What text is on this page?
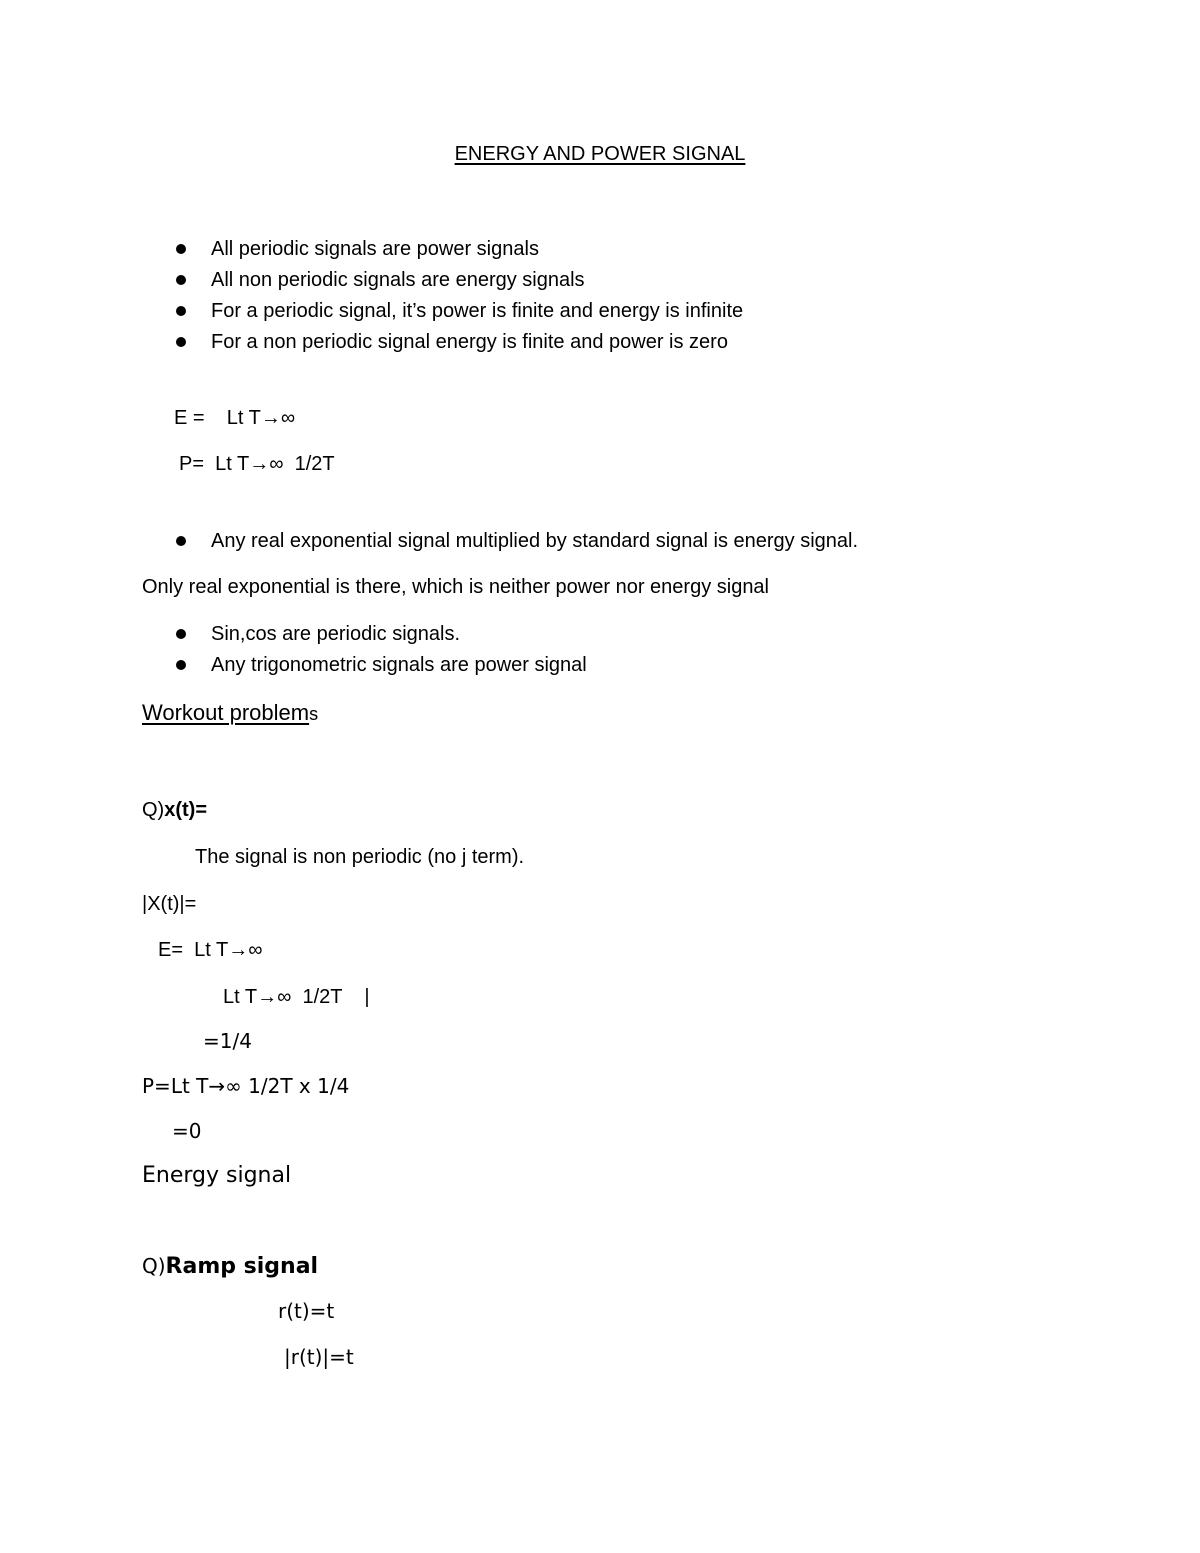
ENERGY AND POWER SIGNAL
All periodic signals are power signals
All non periodic signals are energy signals
For a periodic signal, it’s power is finite and energy is infinite
For a non periodic signal energy is finite and power is zero
E =    Lt T→∞
P=  Lt T→∞  1/2T
Any real exponential signal multiplied by standard signal is energy signal.
Only real exponential is there, which is neither power nor energy signal
Sin,cos are periodic signals.
Any trigonometric signals are power signal
Workout problems
Q)x(t)=
The signal is non periodic (no j term).
|X(t)|=
E=  Lt T→∞
Lt T→∞  1/2T    |
=1/4
P=Lt T→∞ 1/2T x 1/4
=0
Energy signal
Q)Ramp signal
r(t)=t
|r(t)|=t
